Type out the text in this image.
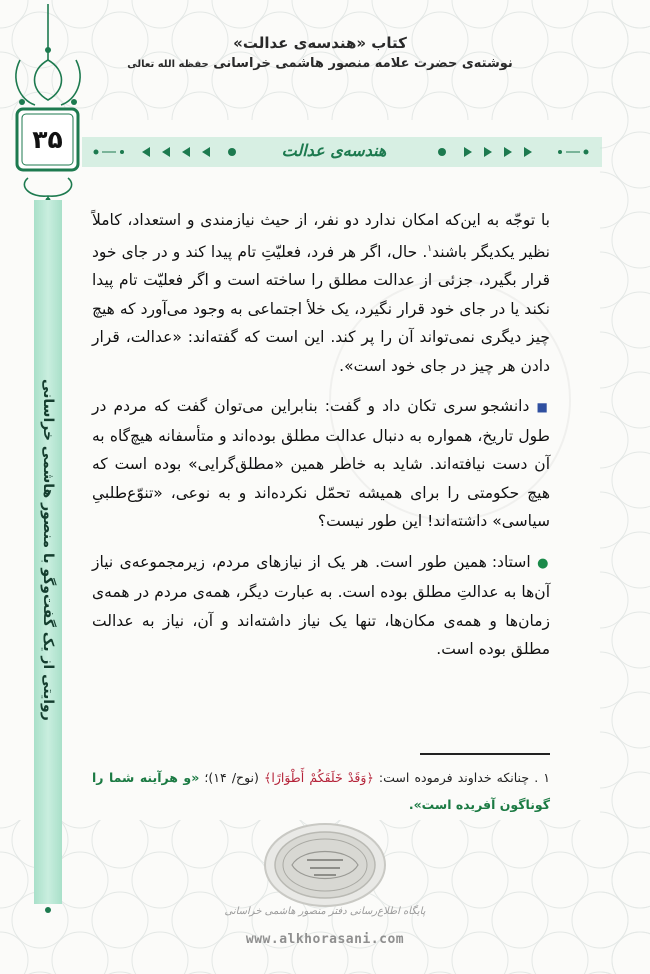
کتاب «هندسه‌ی عدالت»
نوشته‌ی حضرت علامه منصور هاشمی خراسانی حفظه الله تعالی
۳۵	هندسه‌ی عدالت
روایتی از یک گفت‌وگو با منصور هاشمی خراسانی

با توجّه به این‌که امکان ندارد دو نفر، از حیث نیازمندی و استعداد، کاملاً نظیر یکدیگر باشند$^۱$. حال، اگر هر فرد، فعلیّتِ تام پیدا کند و در جای خود قرار بگیرد، جزئی از عدالت مطلق را ساخته است و اگر فعلیّت تام پیدا نکند یا در جای خود قرار نگیرد، یک خلأ اجتماعی به وجود می‌آورد که هیچ چیز دیگری نمی‌تواند آن را پر کند. این است که گفته‌اند: «عدالت، قرار دادن هر چیز در جای خود است».

■ دانشجو سری تکان داد و گفت: بنابراین می‌توان گفت که مردم در طول تاریخ، همواره به دنبال عدالت مطلق بوده‌اند و متأسفانه هیچ‌گاه به آن دست نیافته‌اند. شاید به خاطر همین «مطلق‌گرایی» بوده است که هیچ حکومتی را برای همیشه تحمّل نکرده‌اند و به نوعی، «تنوّع‌طلبیِ سیاسی» داشته‌اند! این طور نیست؟

● استاد: همین طور است. هر یک از نیازهای مردم، زیرمجموعه‌ی نیاز آن‌ها به عدالتِ مطلق بوده است. به عبارت دیگر، همه‌ی مردم در همه‌ی زمان‌ها و همه‌ی مکان‌ها، تنها یک نیاز داشته‌اند و آن، نیاز به عدالت مطلق بوده است.

۱ . چنانکه خداوند فرموده است: ﴿وَقَدْ خَلَقَكُمْ أَطْوَارًا﴾ (نوح/ ۱۴)؛ «و هرآینه شما را گوناگون آفریده است».
پایگاه اطلاع‌رسانی دفتر منصور هاشمی خراسانی
www.alkhorasani.com
